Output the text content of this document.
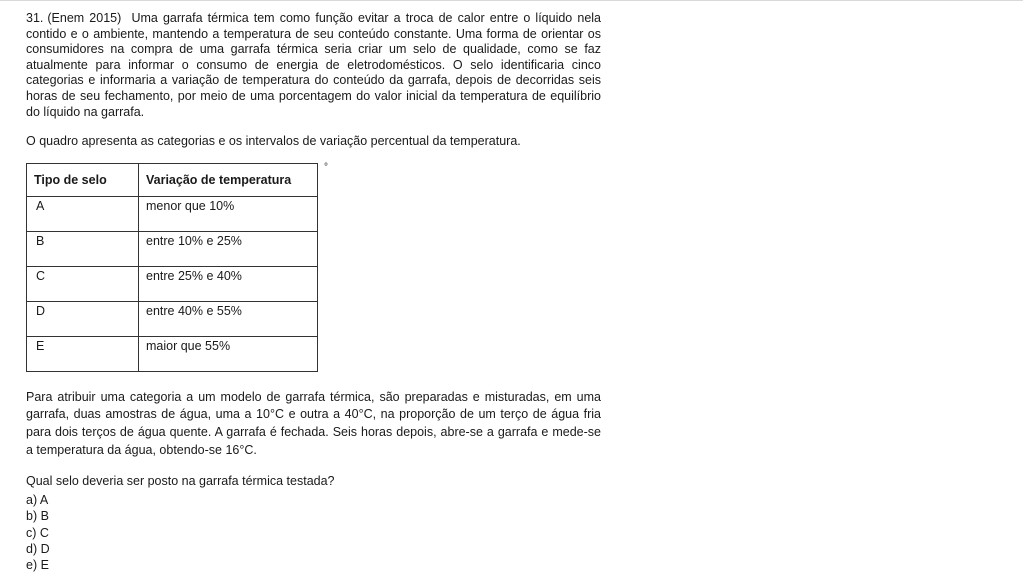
31. (Enem 2015) Uma garrafa térmica tem como função evitar a troca de calor entre o líquido nela contido e o ambiente, mantendo a temperatura de seu conteúdo constante. Uma forma de orientar os consumidores na compra de uma garrafa térmica seria criar um selo de qualidade, como se faz atualmente para informar o consumo de energia de eletrodomésticos. O selo identificaria cinco categorias e informaria a variação de temperatura do conteúdo da garrafa, depois de decorridas seis horas de seu fechamento, por meio de uma porcentagem do valor inicial da temperatura de equilíbrio do líquido na garrafa.

O quadro apresenta as categorias e os intervalos de variação percentual da temperatura.

Tipo de selo	Variação de temperatura
A	menor que 10%
B	entre 10% e 25%
C	entre 25% e 40%
D	entre 40% e 55%
E	maior que 55%
°

Para atribuir uma categoria a um modelo de garrafa térmica, são preparadas e misturadas, em uma garrafa, duas amostras de água, uma a 10°C e outra a 40°C, na proporção de um terço de água fria para dois terços de água quente. A garrafa é fechada. Seis horas depois, abre-se a garrafa e mede-se a temperatura da água, obtendo-se 16°C.

Qual selo deveria ser posto na garrafa térmica testada?

a) A
b) B
c) C
d) D
e) E
